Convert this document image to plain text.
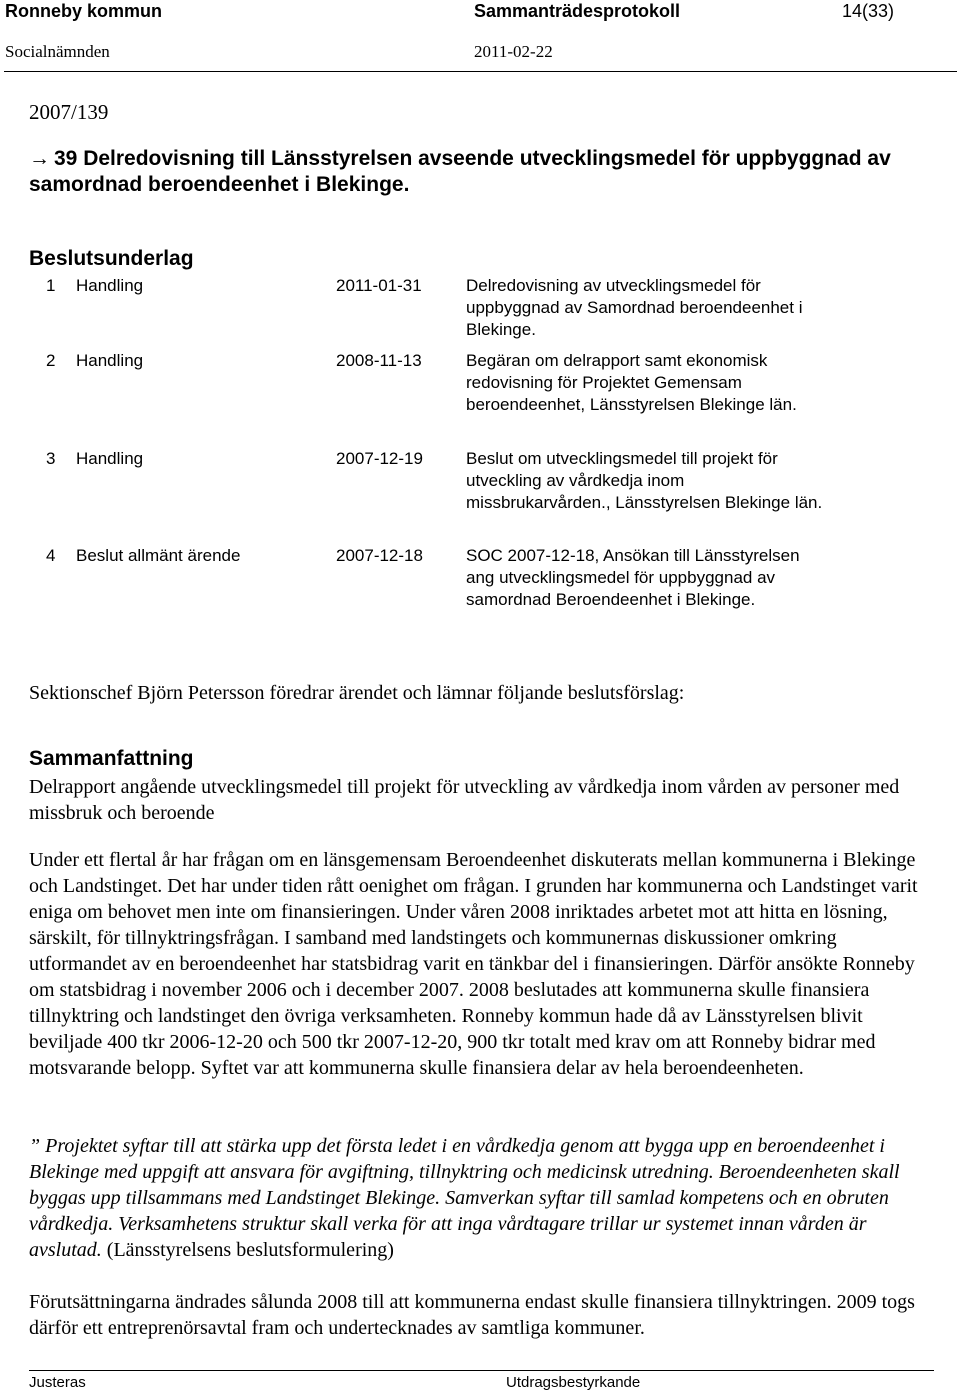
Ronneby kommun	Sammanträdesprotokoll	14(33)
Socialnämnden	2011-02-22
2007/139
→ 39 Delredovisning till Länsstyrelsen avseende utvecklingsmedel för uppbyggnad av samordnad beroendeenhet i Blekinge.
Beslutsunderlag
1 Handling	2011-01-31	Delredovisning av utvecklingsmedel för uppbyggnad av Samordnad beroendeenhet i Blekinge.
2 Handling	2008-11-13	Begäran om delrapport samt ekonomisk redovisning för Projektet Gemensam beroendeenhet, Länsstyrelsen Blekinge län.
3 Handling	2007-12-19	Beslut om utvecklingsmedel till projekt för utveckling av vårdkedja inom missbrukarvården., Länsstyrelsen Blekinge län.
4 Beslut allmänt ärende	2007-12-18	SOC 2007-12-18, Ansökan till Länsstyrelsen ang utvecklingsmedel för uppbyggnad av samordnad Beroendeenhet i Blekinge.
Sektionschef Björn Petersson föredrar ärendet och lämnar följande beslutsförslag:
Sammanfattning

Delrapport angående utvecklingsmedel till projekt för utveckling av vårdkedja inom vården av personer med missbruk och beroende

Under ett flertal år har frågan om en länsgemensam Beroendeenhet diskuterats mellan kommunerna i Blekinge och Landstinget. Det har under tiden rått oenighet om frågan. I grunden har kommunerna och Landstinget varit eniga om behovet men inte om finansieringen. Under våren 2008 inriktades arbetet mot att hitta en lösning, särskilt, för tillnyktringsfrågan. I samband med landstingets och kommunernas diskussioner omkring utformandet av en beroendeenhet har statsbidrag varit en tänkbar del i finansieringen. Därför ansökte Ronneby om statsbidrag i november 2006 och i december 2007. 2008 beslutades att kommunerna skulle finansiera tillnyktring och landstinget den övriga verksamheten. Ronneby kommun hade då av Länsstyrelsen blivit beviljade 400 tkr 2006-12-20 och 500 tkr 2007-12-20, 900 tkr totalt med krav om att Ronneby bidrar med motsvarande belopp. Syftet var att kommunerna skulle finansiera delar av hela beroendeenheten.

” Projektet syftar till att stärka upp det första ledet i en vårdkedja genom att bygga upp en beroendeenhet i Blekinge med uppgift att ansvara för avgiftning, tillnyktring och medicinsk utredning. Beroendeenheten skall byggas upp tillsammans med Landstinget Blekinge. Samverkan syftar till samlad kompetens och en obruten vårdkedja. Verksamhetens struktur skall verka för att inga vårdtagare trillar ur systemet innan vården är avslutad. (Länsstyrelsens beslutsformulering)

Förutsättningarna ändrades sålunda 2008 till att kommunerna endast skulle finansiera tillnyktringen. 2009 togs därför ett entreprenörsavtal fram och undertecknades av samtliga kommuner.

Justeras	Utdragsbestyrkande
